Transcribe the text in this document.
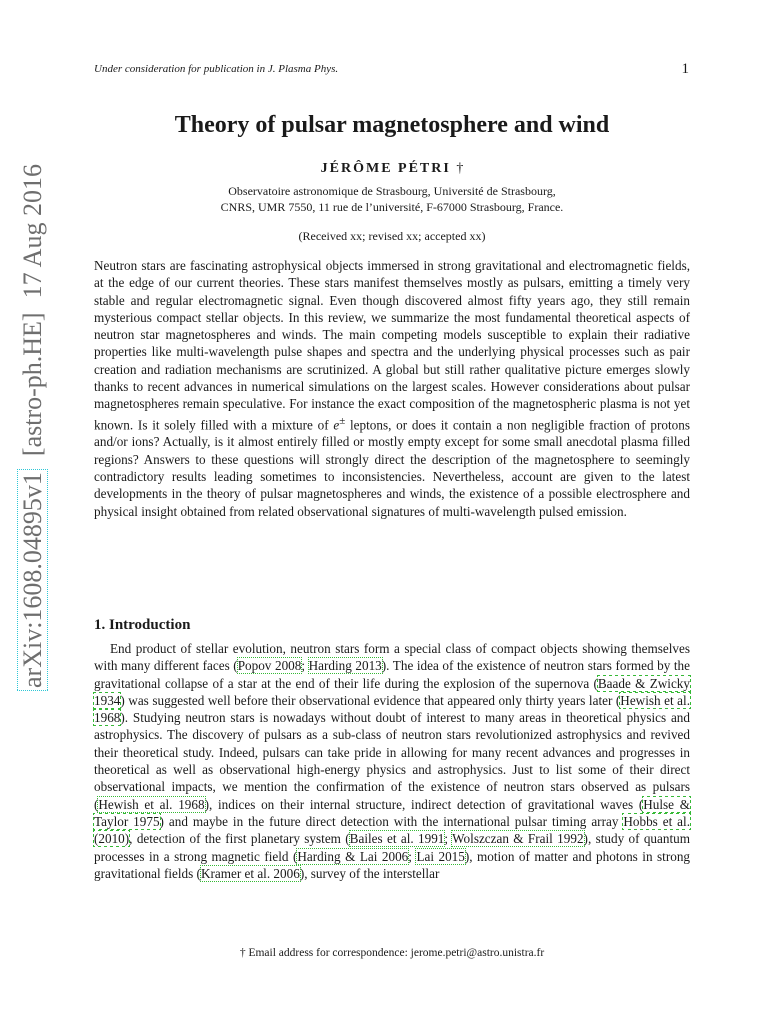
Under consideration for publication in J. Plasma Phys.	1
arXiv:1608.04895v1[astro-ph.HE]17 Aug 2016
Theory of pulsar magnetosphere and wind
JÉRÔME PÉTRI †
Observatoire astronomique de Strasbourg, Université de Strasbourg,
CNRS, UMR 7550, 11 rue de l’université, F-67000 Strasbourg, France.
(Received xx; revised xx; accepted xx)

Neutron stars are fascinating astrophysical objects immersed in strong gravitational and electromagnetic fields, at the edge of our current theories. These stars manifest themselves mostly as pulsars, emitting a timely very stable and regular electromagnetic signal. Even though discovered almost fifty years ago, they still remain mysterious compact stellar objects. In this review, we summarize the most fundamental theoretical aspects of neutron star magnetospheres and winds. The main competing models susceptible to explain their radiative properties like multi-wavelength pulse shapes and spectra and the underlying physical processes such as pair creation and radiation mechanisms are scrutinized. A global but still rather qualitative picture emerges slowly thanks to recent advances in numerical simulations on the largest scales. However considerations about pulsar magnetospheres remain speculative. For instance the exact composition of the magnetospheric plasma is not yet known. Is it solely filled with a mixture of e± leptons, or does it contain a non negligible fraction of protons and/or ions? Actually, is it almost entirely filled or mostly empty except for some small anecdotal plasma filled regions? Answers to these questions will strongly direct the description of the magnetosphere to seemingly contradictory results leading sometimes to inconsistencies. Nevertheless, account are given to the latest developments in the theory of pulsar magnetospheres and winds, the existence of a possible electrosphere and physical insight obtained from related observational signatures of multi-wavelength pulsed emission.

1. Introduction

End product of stellar evolution, neutron stars form a special class of compact objects showing themselves with many different faces (Popov 2008; Harding 2013). The idea of the existence of neutron stars formed by the gravitational collapse of a star at the end of their life during the explosion of the supernova (Baade & Zwicky 1934) was suggested well before their observational evidence that appeared only thirty years later (Hewish et al. 1968). Studying neutron stars is nowadays without doubt of interest to many areas in theoretical physics and astrophysics. The discovery of pulsars as a sub-class of neutron stars revolutionized astrophysics and revived their theoretical study. Indeed, pulsars can take pride in allowing for many recent advances and progresses in theoretical as well as observational high-energy physics and astrophysics. Just to list some of their direct observational impacts, we mention the confirmation of the existence of neutron stars observed as pulsars (Hewish et al. 1968), indices on their internal structure, indirect detection of gravitational waves (Hulse & Taylor 1975) and maybe in the future direct detection with the international pulsar timing array Hobbs et al. (2010), detection of the first planetary system (Bailes et al. 1991; Wolszczan & Frail 1992), study of quantum processes in a strong magnetic field (Harding & Lai 2006; Lai 2015), motion of matter and photons in strong gravitational fields (Kramer et al. 2006), survey of the interstellar

† Email address for correspondence: jerome.petri@astro.unistra.fr
